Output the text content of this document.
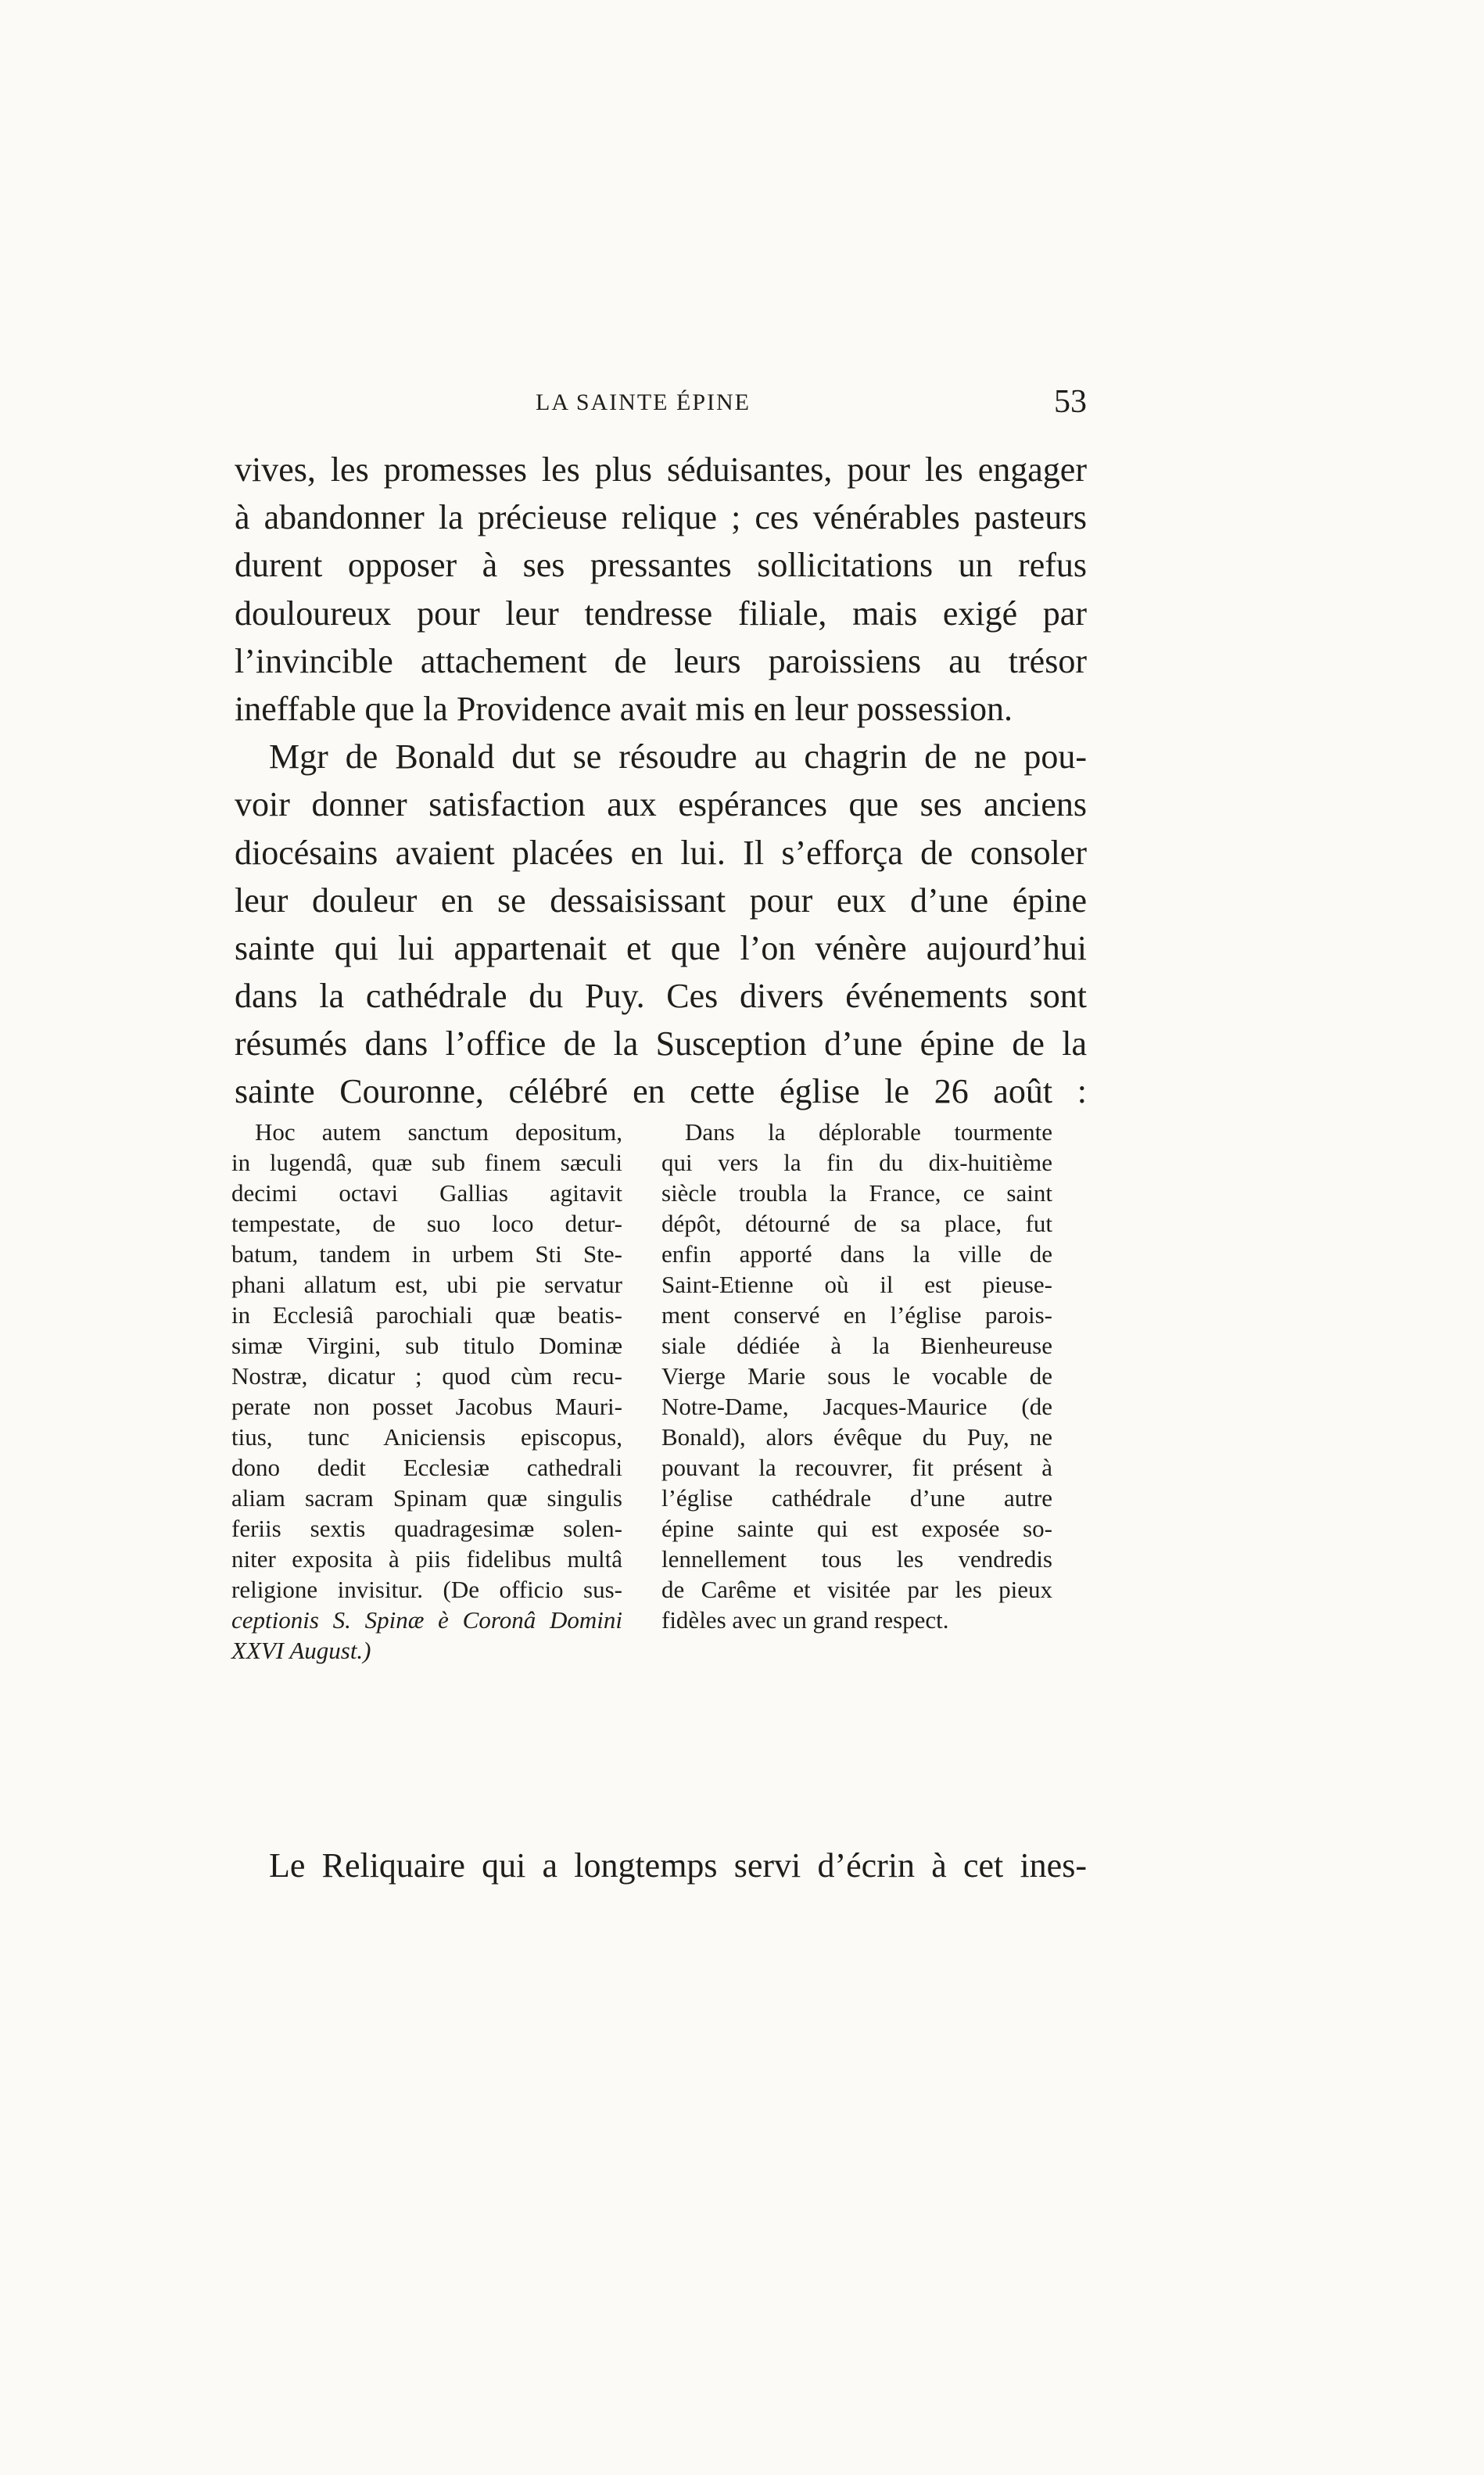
LA SAINTE ÉPINE	53
vives, les promesses les plus séduisantes, pour les engager
à abandonner la précieuse relique ; ces vénérables pasteurs
durent opposer à ses pressantes sollicitations un refus
douloureux pour leur tendresse filiale, mais exigé par
l’invincible attachement de leurs paroissiens au trésor
ineffable que la Providence avait mis en leur possession.
Mgr de Bonald dut se résoudre au chagrin de ne pou-
voir donner satisfaction aux espérances que ses anciens
diocésains avaient placées en lui. Il s’efforça de consoler
leur douleur en se dessaisissant pour eux d’une épine
sainte qui lui appartenait et que l’on vénère aujourd’hui
dans la cathédrale du Puy. Ces divers événements sont
résumés dans l’office de la Susception d’une épine de la
sainte Couronne, célébré en cette église le 26 août :
Hoc autem sanctum depositum,
in lugendâ, quæ sub finem sæculi
decimi octavi Gallias agitavit
tempestate, de suo loco detur-
batum, tandem in urbem Sti Ste-
phani allatum est, ubi pie servatur
in Ecclesiâ parochiali quæ beatis-
simæ Virgini, sub titulo Dominæ
Nostræ, dicatur ; quod cùm recu-
perate non posset Jacobus Mauri-
tius, tunc Aniciensis episcopus,
dono dedit Ecclesiæ cathedrali
aliam sacram Spinam quæ singulis
feriis sextis quadragesimæ solen-
niter exposita à piis fidelibus multâ
religione invisitur. (De officio sus-
ceptionis S. Spinæ è Coronâ Domini
XXVI August.)
Dans la déplorable tourmente
qui vers la fin du dix-huitième
siècle troubla la France, ce saint
dépôt, détourné de sa place, fut
enfin apporté dans la ville de
Saint-Etienne où il est pieuse-
ment conservé en l’église parois-
siale dédiée à la Bienheureuse
Vierge Marie sous le vocable de
Notre-Dame, Jacques-Maurice (de
Bonald), alors évêque du Puy, ne
pouvant la recouvrer, fit présent à
l’église cathédrale d’une autre
épine sainte qui est exposée so-
lennellement tous les vendredis
de Carême et visitée par les pieux
fidèles avec un grand respect.
Le Reliquaire qui a longtemps servi d’écrin à cet ines-
